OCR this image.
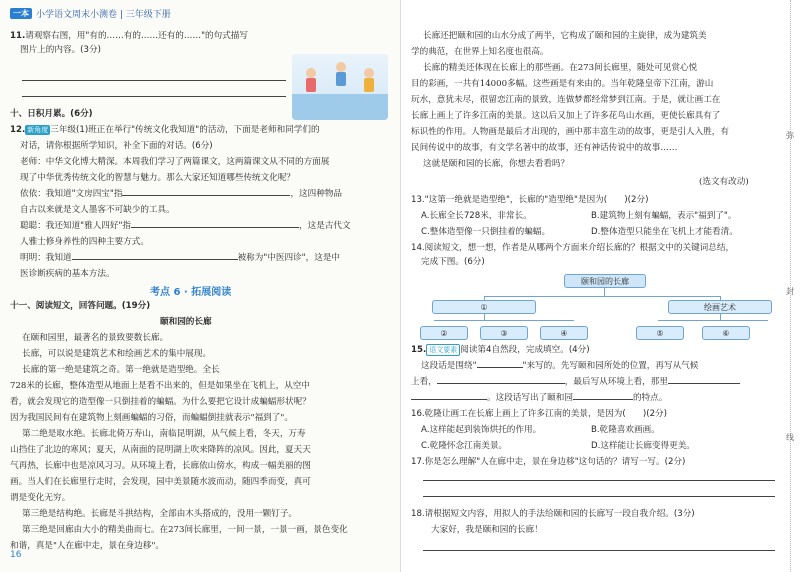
一本 小学语文周末小测卷 | 三年级下册
11.请观察右图，用"有的……有的……还有的……"的句式描写
图片上的内容。(3分)
十、日积月累。(6分)
12. 新角度 三年级(1)班正在举行"传统文化我知道"的活动，下面是老师和同学们的
对话，请你根据所学知识，补全下面的对话。(6分)
老师：中华文化博大精深。本周我们学习了两篇课文，这两篇课文从不同的方面展
现了中华优秀传统文化的智慧与魅力。那么大家还知道哪些传统文化呢？
依依：我知道"文房四宝"指	，这四种物品
自古以来就是文人墨客不可缺少的工具。
聪聪：我还知道"雅人四好"指	，这是古代文
人雅士修身养性的四种主要方式。
明明：我知道	被称为"中医四诊"，这是中
医诊断疾病的基本方法。
考点 6 · 拓展阅读
十一、阅读短文，回答问题。(19分)
颐和园的长廊
在颐和园里，最著名的景致要数长廊。
长廊，可以说是建筑艺术和绘画艺术的集中展现。
长廊的第一绝是建筑之奇。第一绝就是造型绝。全长
728米的长廊，整体造型从地面上是看不出来的，但是如果坐在飞机上，从空中
看，就会发现它的造型像一只倒挂着的蝙蝠。为什么要把它设计成蝙蝠形状呢？
因为我国民间有在建筑物上刻画蝙蝠的习俗，而蝙蝠倒挂就表示"福到了"。
第二绝是取水绝。长廊北倚万寿山，南临昆明湖，从气候上看，冬天，万寿
山挡住了北边的寒风；夏天，从南面的昆明湖上吹来降阵的凉风。因此，夏天天
气再热，长廊中也是凉风习习。从环境上看，长廊依山傍水，构成一幅美丽的图
画。当人们在长廊里行走时，会发现，园中美景随水波而动，随四季而变，真可
谓是变化无穷。
第三绝是结构绝。长廊是斗拱结构，全部由木头搭成的，没用一颗钉子。
第三绝是回廊由大小的精美曲而七。在273间长廊里，一间一景，一景一画，景色变化
和谐，真是"人在廊中走，景在身边移"。
16
长廊还把颐和园的山水分成了两半，它构成了颐和园的主旋律，成为建筑美
学的典范，在世界上知名度也很高。
长廊的精美还体现在长廊上的那些画。在273间长廊里，随处可见赏心悦
目的彩画，一共有14000多幅。这些画是有来由的。当年乾隆皇帝下江南，游山
玩水，意犹未尽，很留恋江南的景致，连做梦都经常梦到江南。于是，就让画工在
长廊上画上了许多江南的美景。这以后又加上了许多花鸟山水画，更使长廊具有了
标识性的作用。人物画是最后才出现的，画中那丰富生动的故事，更是引人入胜，有
民间传说中的故事，有文学名著中的故事，还有神话传说中的故事……
这就是颐和园的长廊，你想去看看吗？
(选文有改动)
13."这第一绝就是造型绝"，长廊的"造型绝"是因为(　　)(2分)
A.长廊全长728米，非常长。	B.建筑物上刻有蝙蝠，表示"福到了"。
C.整体造型像一只倒挂着的蝙蝠。	D.整体造型只能坐在飞机上才能看清。
14.阅读短文，想一想，作者是从哪两个方面来介绍长廊的？根据文中的关键词总结，
完成下图。(6分)
15. 语文要素 阅读第4自然段，完成填空。(4分)
这段话是围绕"	"来写的。先写颐和园所处的位置，再写从气候
上看，	，最后写从环境上看，那里
。这段话写出了颐和园	的特点。
16.乾隆让画工在长廊上画上了许多江南的美景，是因为(　　)(2分)
A.这样能起到装饰烘托的作用。	B.乾隆喜欢画画。
C.乾隆怀念江南美景。	D.这样能让长廊变得更美。
17.你是怎么理解"人在廊中走，景在身边移"这句话的？请写一写。(2分)
18.请根据短文内容，用拟人的手法给颐和园的长廊写一段自我介绍。(3分)
大家好，我是颐和园的长廊！
颐和园的长廊
①	绘画艺术
②	③	④	⑤	⑥
弥
封
线
